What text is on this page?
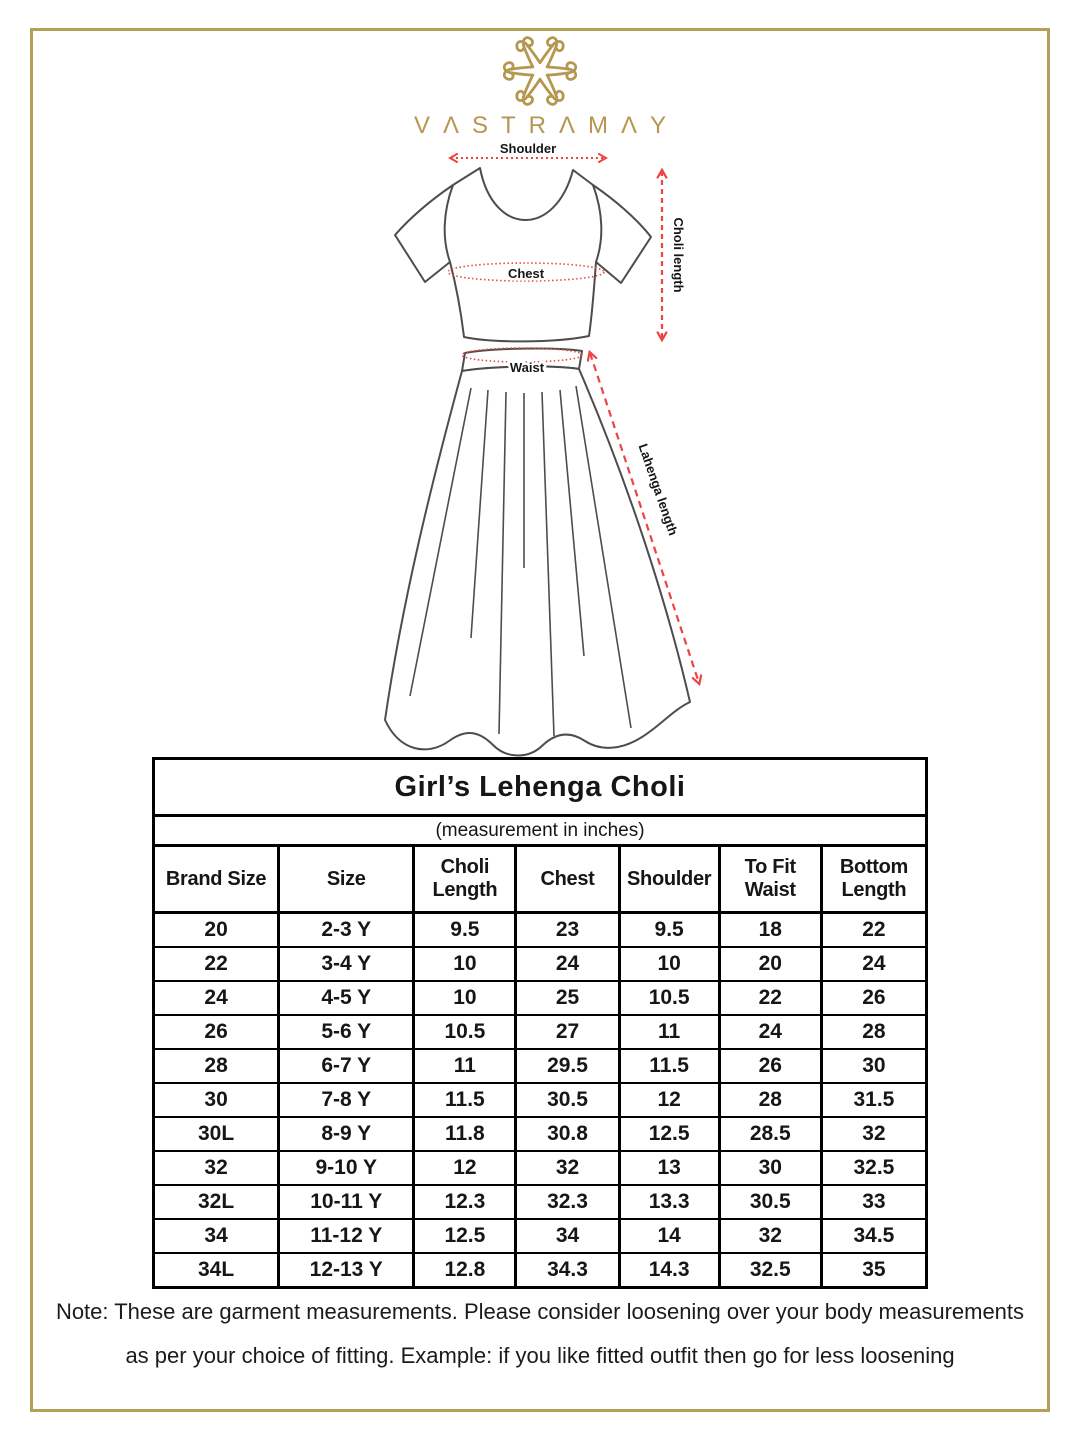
VΛSTRΛMΛY
Shoulder
Chest	Choli length
Waist
Lahenga length
Girl’s Lehenga Choli						
(measurement in inches)						
Brand Size	Size	Choli Length	Chest	Shoulder	To Fit Waist	Bottom Length
20	2-3 Y	9.5	23	9.5	18	22
22	3-4 Y	10	24	10	20	24
24	4-5 Y	10	25	10.5	22	26
26	5-6 Y	10.5	27	11	24	28
28	6-7 Y	11	29.5	11.5	26	30
30	7-8 Y	11.5	30.5	12	28	31.5
30L	8-9 Y	11.8	30.8	12.5	28.5	32
32	9-10 Y	12	32	13	30	32.5
32L	10-11 Y	12.3	32.3	13.3	30.5	33
34	11-12 Y	12.5	34	14	32	34.5
34L	12-13 Y	12.8	34.3	14.3	32.5	35
Note: These are garment measurements. Please consider loosening over your body measurements
as per your choice of fitting. Example: if you like fitted outfit then go for less loosening
